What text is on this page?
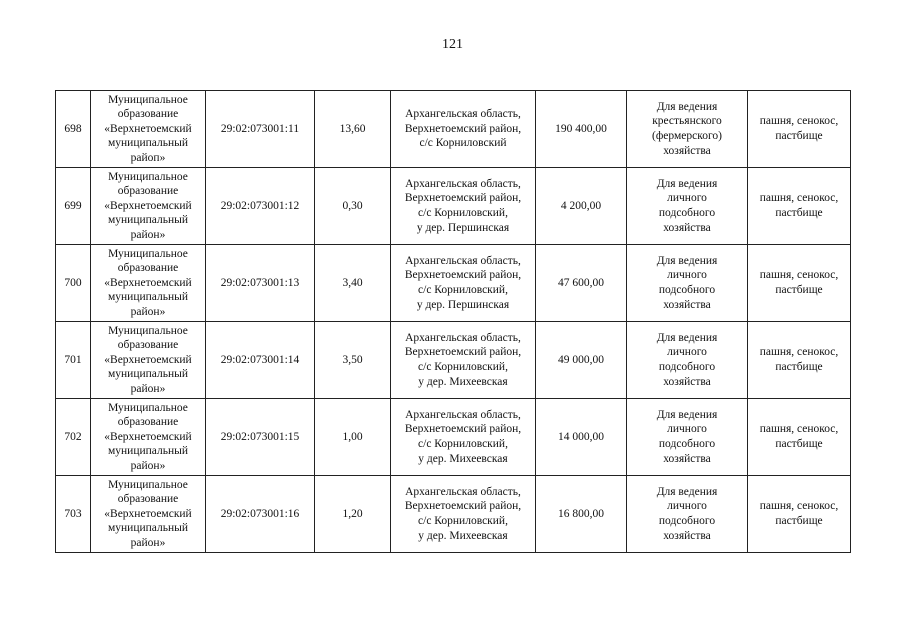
121
698	Муниципальное
образование
«Верхнетоемский
муниципальный
райоп»	29:02:073001:11	13,60	Архангельская область,
Верхнетоемский район,
с/с Корниловский	190 400,00	Для ведения
крестьянского
(фермерского)
хозяйства	пашня, сенокос,
пастбище

699	Муниципальное
образование
«Верхнетоемский
муниципальный
район»	29:02:073001:12	0,30	Архангельская область,
Верхнетоемский район,
с/с Корниловский,
у дер. Першинская	4 200,00	Для ведения
личного
подсобного
хозяйства	пашня, сенокос,
пастбище

700	Муниципальное
образование
«Верхнетоемский
муниципальный
район»	29:02:073001:13	3,40	Архангельская область,
Верхнетоемский район,
с/с Корниловский,
у дер. Першинская	47 600,00	Для ведения
личного
подсобного
хозяйства	пашня, сенокос,
пастбище

701	Муниципальное
образование
«Верхнетоемский
муниципальный
район»	29:02:073001:14	3,50	Архангельская область,
Верхнетоемский район,
с/с Корниловский,
у дер. Михеевская	49 000,00	Для ведения
личного
подсобного
хозяйства	пашня, сенокос,
пастбище

702	Муниципальное
образование
«Верхнетоемский
муниципальный
район»	29:02:073001:15	1,00	Архангельская область,
Верхнетоемский район,
с/с Корниловский,
у дер. Михеевская	14 000,00	Для ведения
личного
подсобного
хозяйства	пашня, сенокос,
пастбище

703	Муниципальное
образование
«Верхнетоемский
муниципальный
район»	29:02:073001:16	1,20	Архангельская область,
Верхнетоемский район,
с/с Корниловский,
у дер. Михеевская	16 800,00	Для ведения
личного
подсобного
хозяйства	пашня, сенокос,
пастбище
